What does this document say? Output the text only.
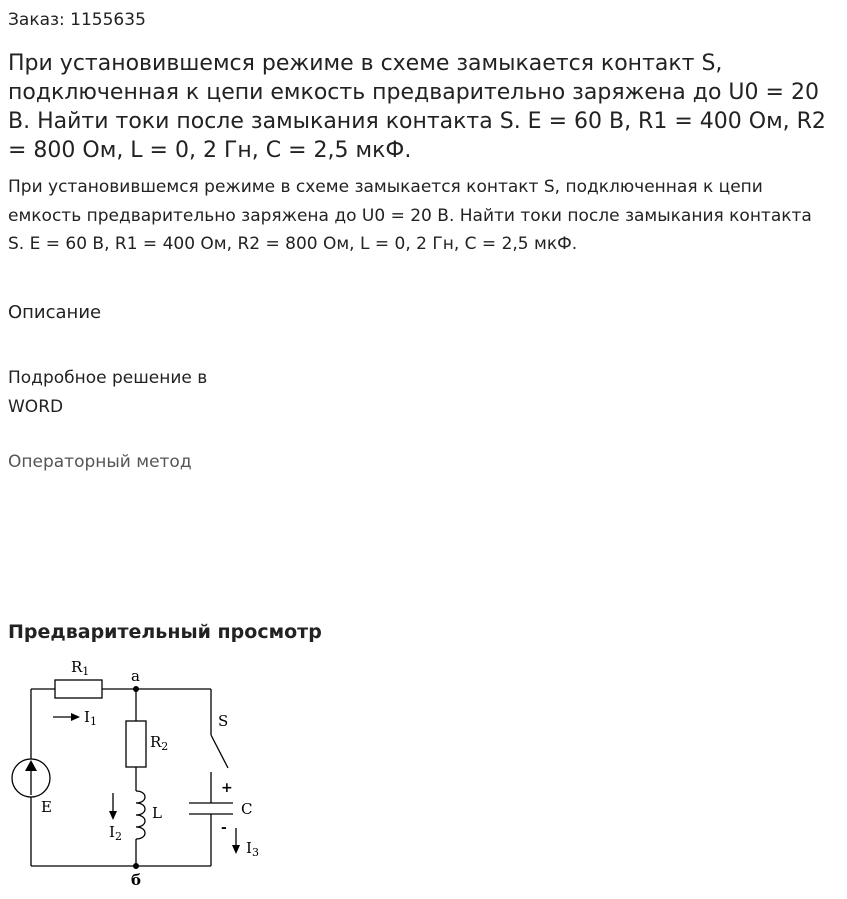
Заказ: 1155635

При установившемся режиме в схеме замыкается контакт S, подключенная к цепи емкость предварительно заряжена до U0 = 20 В. Найти токи после замыкания контакта S. E = 60 В, R1 = 400 Ом, R2 = 800 Ом, L = 0, 2 Гн, C = 2,5 мкФ.

При установившемся режиме в схеме замыкается контакт S, подключенная к цепи емкость предварительно заряжена до U0 = 20 В. Найти токи после замыкания контакта S. E = 60 В, R1 = 400 Ом, R2 = 800 Ом, L = 0, 2 Гн, C = 2,5 мкФ.

Описание

Подробное решение в WORD

Операторный метод

Предварительный просмотр
$R_1$	a
S
$I_1$
$R_2$
+
C
E	L
-
$I_2$
$I_3$
б
